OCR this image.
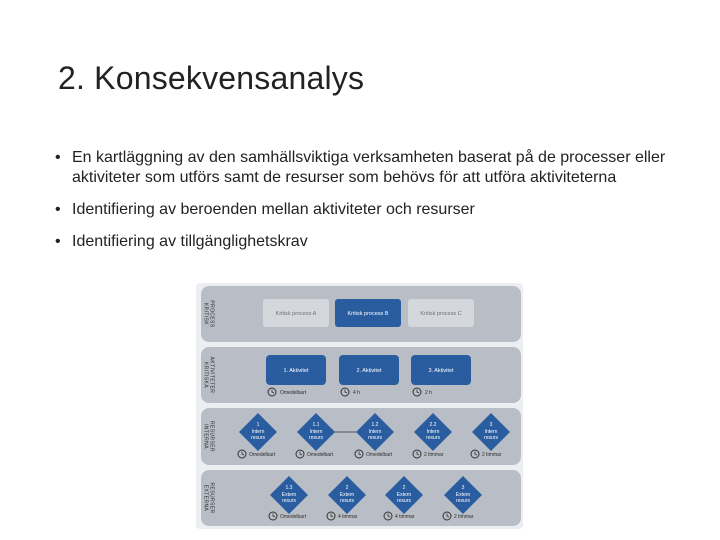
2. Konsekvensanalys
• En kartläggning av den samhällsviktiga verksamheten baserat på de processer eller aktiviteter som utförs samt de resurser som behövs för att utföra aktiviteterna
• Identifiering av beroenden mellan aktiviteter och resurser
• Identifiering av tillgänglighetskrav
KRITISK PROCESS
KRITISKA AKTIVITETER
INTERNA RESURSER
EXTERNA RESURSER
Kritisk process A	Kritisk process B	Kritisk process C
1. Aktivitet
Omedelbart
2. Aktivitet
4 h
3. Aktivitet
2 h
1
Intern
resurs
Omedelbart
1.1
Intern
resurs
Omedelbart
1.2
Intern
resurs
Omedelbart
2.2
Intern
resurs
2 timmar
3
Intern
resurs
2 timmar
1.3
Extern
resurs
Omedelbart
2
Extern
resurs
4 timmar
2
Extern
resurs
4 timmar
3
Extern
resurs
2 timmar
